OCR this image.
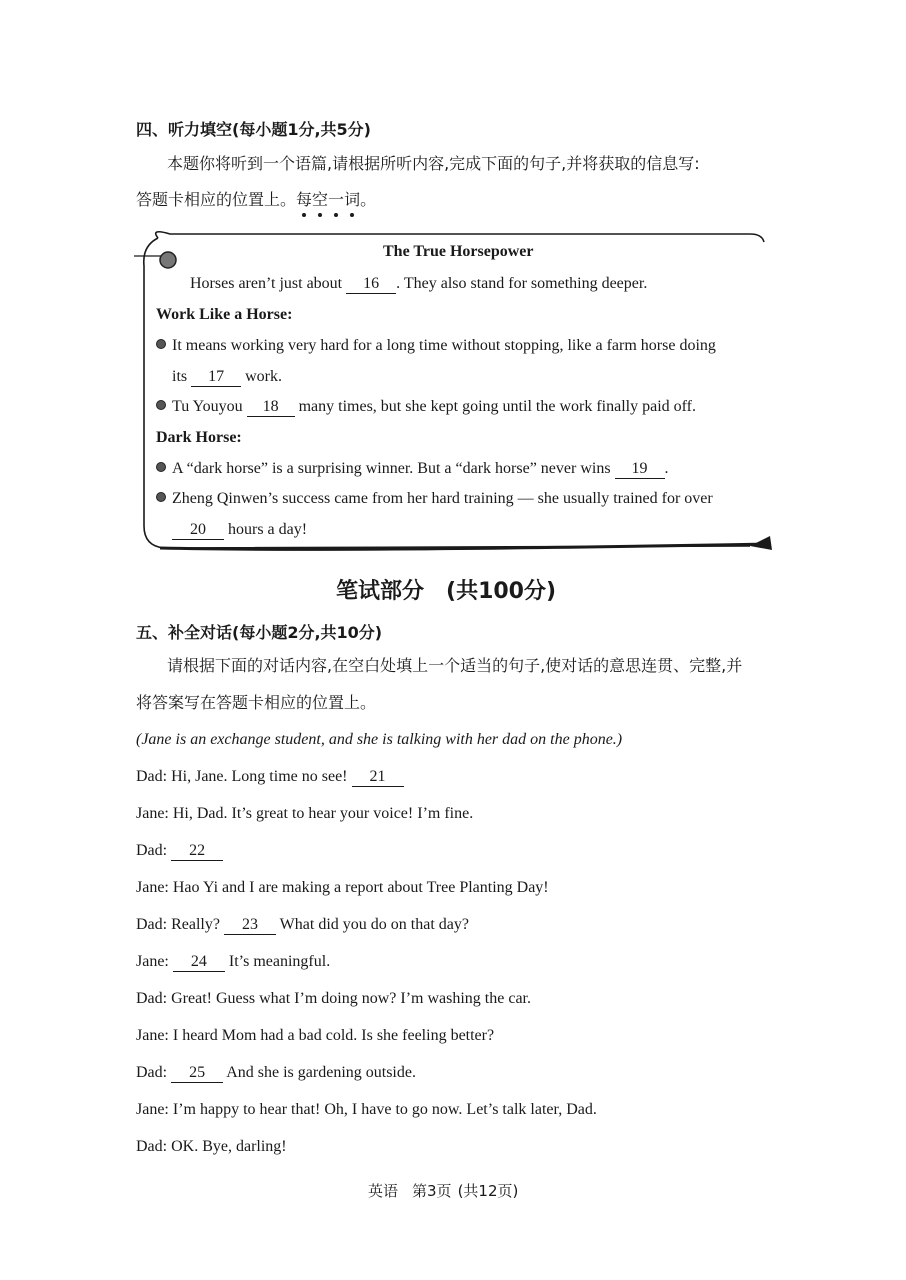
四、听力填空(每小题1分,共5分)
本题你将听到一个语篇,请根据所听内容,完成下面的句子,并将获取的信息写:
答题卡相应的位置上。每
空
一
词
。
The True Horsepower
Horses aren’t just about 16 . They also stand for something deeper.
Work Like a Horse:
It means working very hard for a long time without stopping, like a farm horse doing
its 17 work.
Tu Youyou 18 many times, but she kept going until the work finally paid off.
Dark Horse:
A “dark horse” is a surprising winner. But a “dark horse” never wins 19 .
Zheng Qinwen’s success came from her hard training — she usually trained for over
20 hours a day!
笔试部分 (共100分)
五、补全对话(每小题2分,共10分)
请根据下面的对话内容,在空白处填上一个适当的句子,使对话的意思连贯、完整,并
将答案写在答题卡相应的位置上。
(Jane is an exchange student, and she is talking with her dad on the phone.)
Dad: Hi, Jane. Long time no see! 21
Jane: Hi, Dad. It’s great to hear your voice! I’m fine.
Dad: 22
Jane: Hao Yi and I are making a report about Tree Planting Day!
Dad: Really? 23 What did you do on that day?
Jane: 24 It’s meaningful.
Dad: Great! Guess what I’m doing now? I’m washing the car.
Jane: I heard Mom had a bad cold. Is she feeling better?
Dad: 25 And she is gardening outside.
Jane: I’m happy to hear that! Oh, I have to go now. Let’s talk later, Dad.
Dad: OK. Bye, darling!
英语 第3页 (共12页)
